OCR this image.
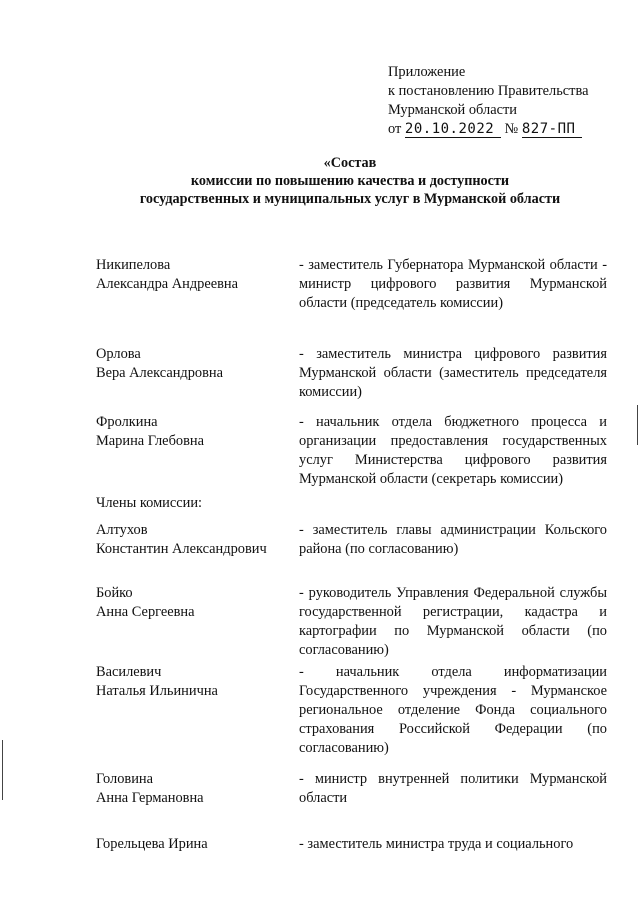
Приложение
к постановлению Правительства
Мурманской области
от 20.10.2022 № 827-ПП
«Состав
комиссии по повышению качества и доступности
государственных и муниципальных услуг в Мурманской области
Никипелова
Александра Андреевна
- заместитель Губернатора Мурманской области - министр цифрового развития Мурманской области (председатель комиссии)
Орлова
Вера Александровна
- заместитель министра цифрового развития Мурманской области (заместитель председателя комиссии)
Фролкина
Марина Глебовна
- начальник отдела бюджетного процесса и организации предоставления государственных услуг Министерства цифрового развития Мурманской области (секретарь комиссии)
Члены комиссии:
Алтухов
Константин Александрович
- заместитель главы администрации Кольского района (по согласованию)
Бойко
Анна Сергеевна
- руководитель Управления Федеральной службы государственной регистрации, кадастра и картографии по Мурманской области (по согласованию)
Василевич
Наталья Ильинична
- начальник отдела информатизации Государственного учреждения - Мурманское региональное отделение Фонда социального страхования Российской Федерации (по согласованию)
Головина
Анна Германовна
- министр внутренней политики Мурманской области
Горельцева Ирина	- заместитель министра труда и социального
